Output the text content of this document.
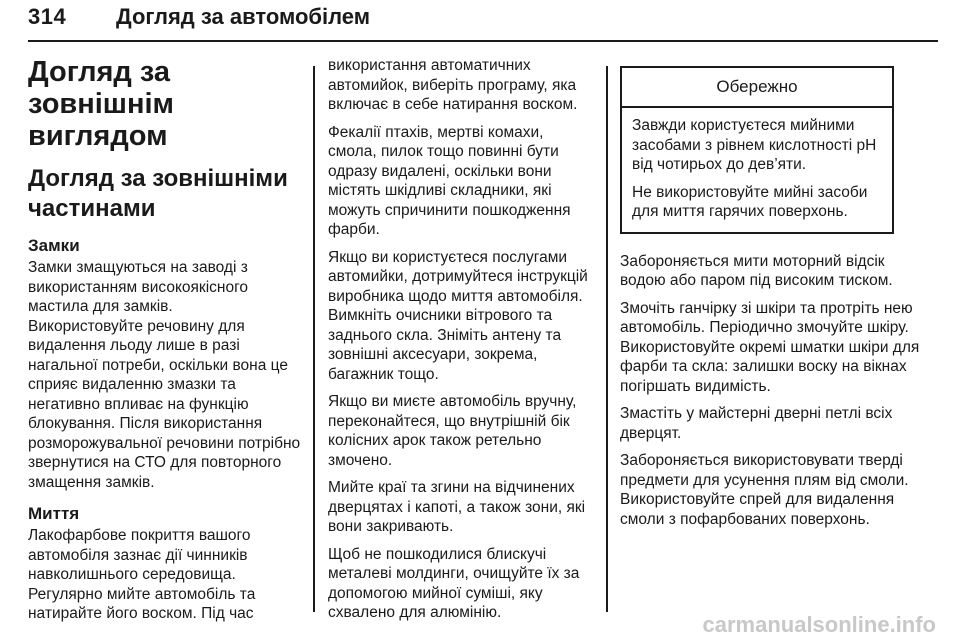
314 Догляд за автомобілем
Догляд за зовнішнім виглядом
Догляд за зовнішніми частинами
Замки

Замки змащуються на заводі з використанням високоякісного мастила для замків.

Використовуйте речовину для видалення льоду лише в разі нагальної потреби, оскільки вона це сприяє видаленню змазки та негативно впливає на функцію блокування. Після використання розморожувальної речовини потрібно звернутися на СТО для повторного змащення замків.

Миття

Лакофарбове покриття вашого автомобіля зазнає дії чинників навколишнього середовища. Регулярно мийте автомобіль та натирайте його воском. Під час

використання автоматичних автомийок, виберіть програму, яка включає в себе натирання воском.

Фекалії птахів, мертві комахи, смола, пилок тощо повинні бути одразу видалені, оскільки вони містять шкідливі складники, які можуть спричинити пошкодження фарби.

Якщо ви користуєтеся послугами автомийки, дотримуйтеся інструкцій виробника щодо миття автомобіля. Вимкніть очисники вітрового та заднього скла. Зніміть антену та зовнішні аксесуари, зокрема, багажник тощо.

Якщо ви миєте автомобіль вручну, переконайтеся, що внутрішній бік колісних арок також ретельно змочено.

Мийте краї та згини на відчинених дверцятах і капоті, а також зони, які вони закривають.

Щоб не пошкодилися блискучі металеві молдинги, очищуйте їх за допомогою мийної суміші, яку схвалено для алюмінію.

Обережно

Завжди користуєтеся мийними засобами з рівнем кислотності pH від чотирьох до дев’яти.

Не використовуйте мийні засоби для миття гарячих поверхонь.

Забороняється мити моторний відсік водою або паром під високим тиском.

Змочіть ганчірку зі шкіри та протріть нею автомобіль. Періодично змочуйте шкіру. Використовуйте окремі шматки шкіри для фарби та скла: залишки воску на вікнах погіршать видимість.

Змастіть у майстерні дверні петлі всіх дверцят.

Забороняється використовувати тверді предмети для усунення плям від смоли. Використовуйте спрей для видалення смоли з пофарбованих поверхонь.

carmanualsonline.info
